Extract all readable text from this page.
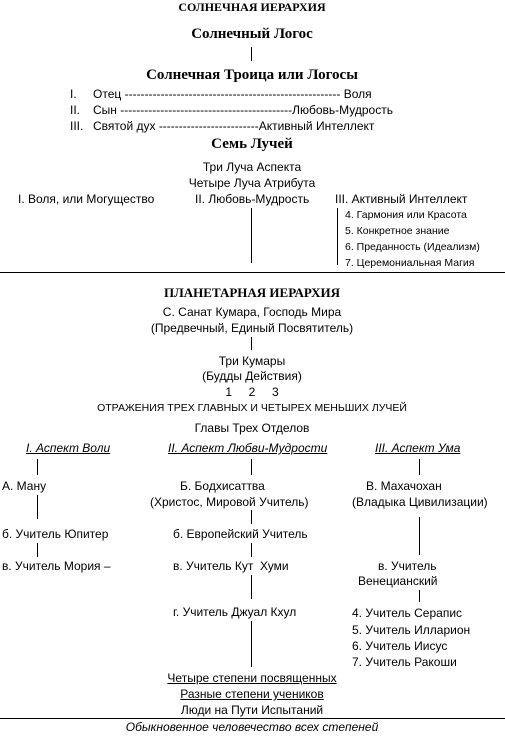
СОЛНЕЧНАЯ ИЕРАРХИЯ
Солнечный Логос
Солнечная Троица или Логосы
I. Отец ------------------------------------------------------ Воля
II. Сын -------------------------------------------Любовь-Мудрость
III. Святой дух -------------------------Активный Интеллект
Семь Лучей
Три Луча Аспекта
Четыре Луча Атрибута
I. Воля, или Могущество	II. Любовь-Мудрость III. Активный Интеллект
4. Гармония или Красота
5. Конкретное знание
6. Преданность (Идеализм)
7. Церемониальная Магия
ПЛАНЕТАРНАЯ ИЕРАРХИЯ
С. Санат Кумара, Господь Мира
(Предвечный, Единый Посвятитель)
Три Кумары
(Будды Действия)
1     2     3
ОТРАЖЕНИЯ ТРЕХ ГЛАВНЫХ И ЧЕТЫРЕХ МЕНЬШИХ ЛУЧЕЙ
Главы Трех Отделов
I. Аспект Воли	II. Аспект Любви-Мудрости	III. Аспект Ума
А. Ману
б. Учитель Юпитер
в. Учитель Мория –
Б. Бодхисаттва
(Христос, Мировой Учитель)
б. Европейский Учитель
в. Учитель Кут  Хуми
г. Учитель Джуал Кхул
В. Махачохан
(Владыка Цивилизации)
в. Учитель
Венецианский
4. Учитель Серапис
5. Учитель Илларион
6. Учитель Иисус
7. Учитель Ракоши
Четыре степени посвященных
Разные степени учеников
Люди на Пути Испытаний
Обыкновенное человечество всех степеней
